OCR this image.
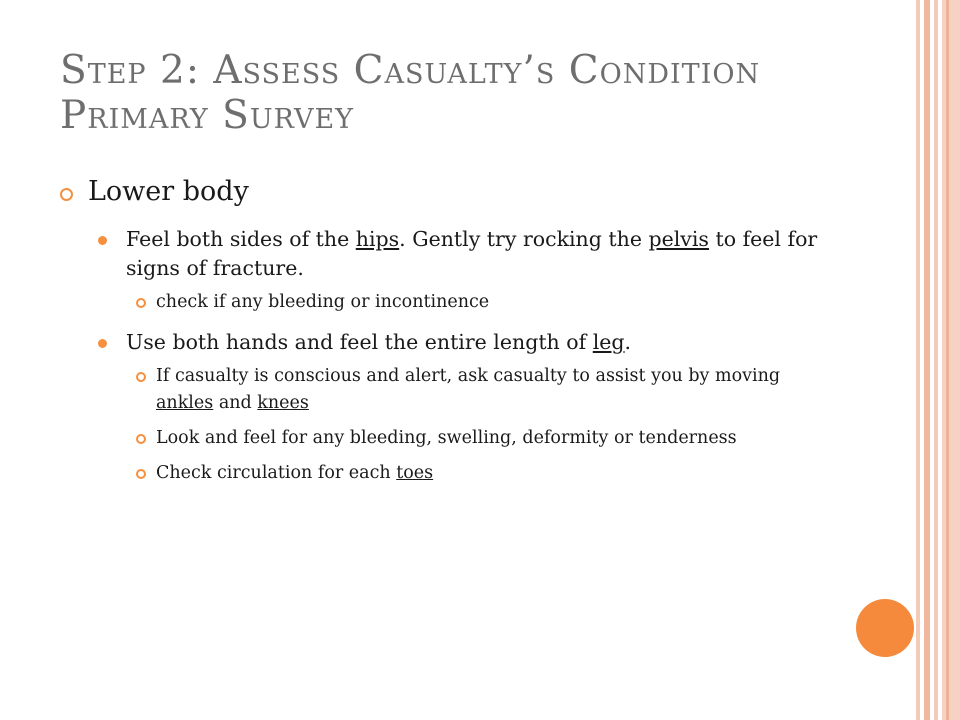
Step 2: Assess Casualty’s Condition
Primary Survey
Lower body
Feel both sides of the hips. Gently try rocking the pelvis to feel for signs of fracture.
check if any bleeding or incontinence
Use both hands and feel the entire length of leg.
If casualty is conscious and alert, ask casualty to assist you by moving  ankles and knees
Look and feel for any bleeding, swelling, deformity or tenderness
Check circulation for each toes
